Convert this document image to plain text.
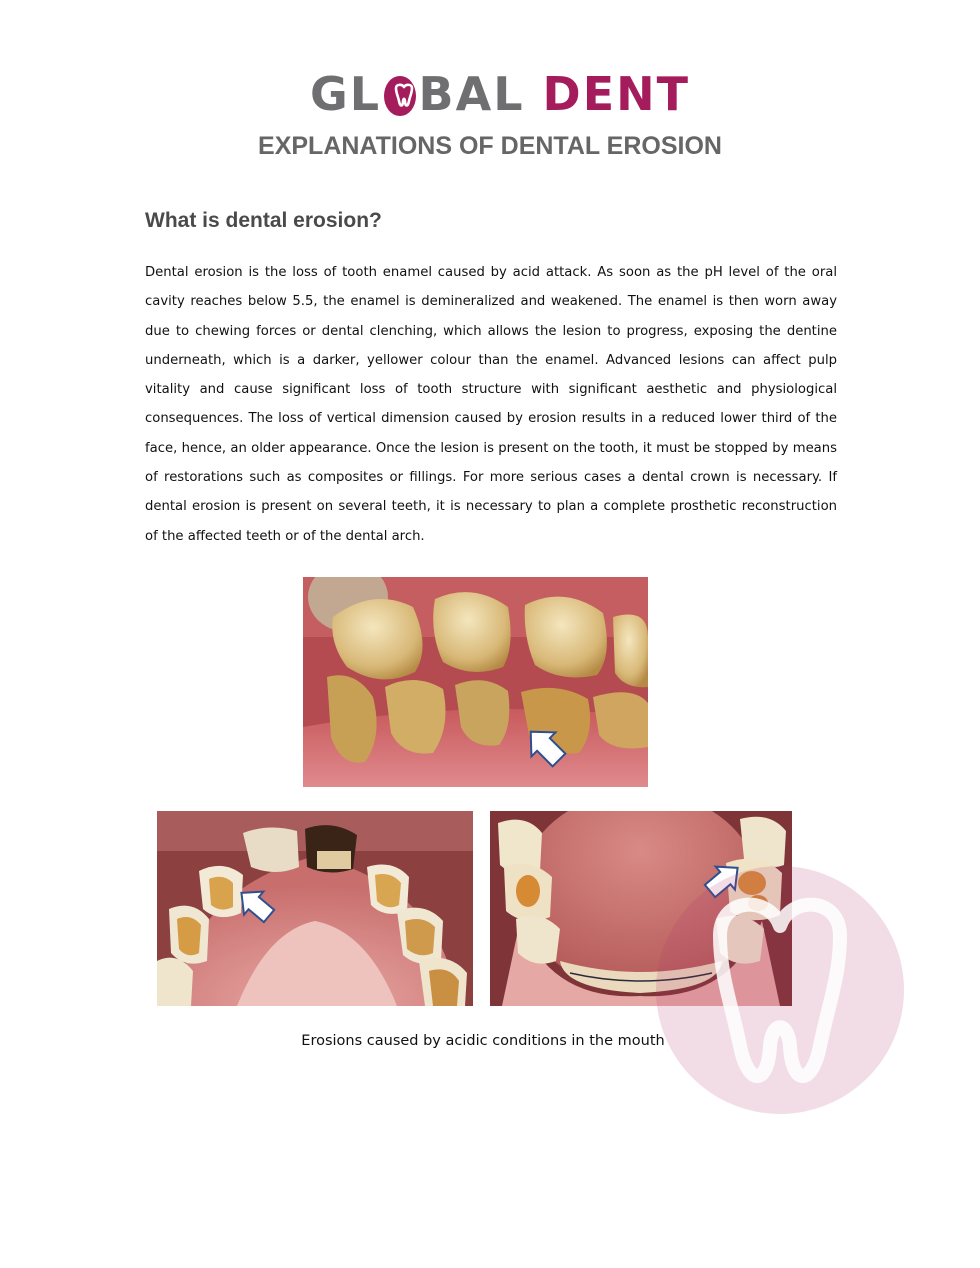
GL BAL DENT
EXPLANATIONS OF DENTAL EROSION
What is dental erosion?

Dental erosion is the loss of tooth enamel caused by acid attack. As soon as the pH level of the oral cavity reaches below 5.5, the enamel is demineralized and weakened. The enamel is then worn away due to chewing forces or dental clenching, which allows the lesion to progress, exposing the dentine underneath, which is a darker, yellower colour than the enamel. Advanced lesions can affect pulp vitality and cause significant loss of tooth structure with significant aesthetic and physiological consequences. The loss of vertical dimension caused by erosion results in a reduced lower third of the face, hence, an older appearance. Once the lesion is present on the tooth, it must be stopped by means of restorations such as composites or fillings. For more serious cases a dental crown is necessary. If dental erosion is present on several teeth, it is necessary to plan a complete prosthetic reconstruction of the affected teeth or of the dental arch.

Erosions caused by acidic conditions in the mouth
